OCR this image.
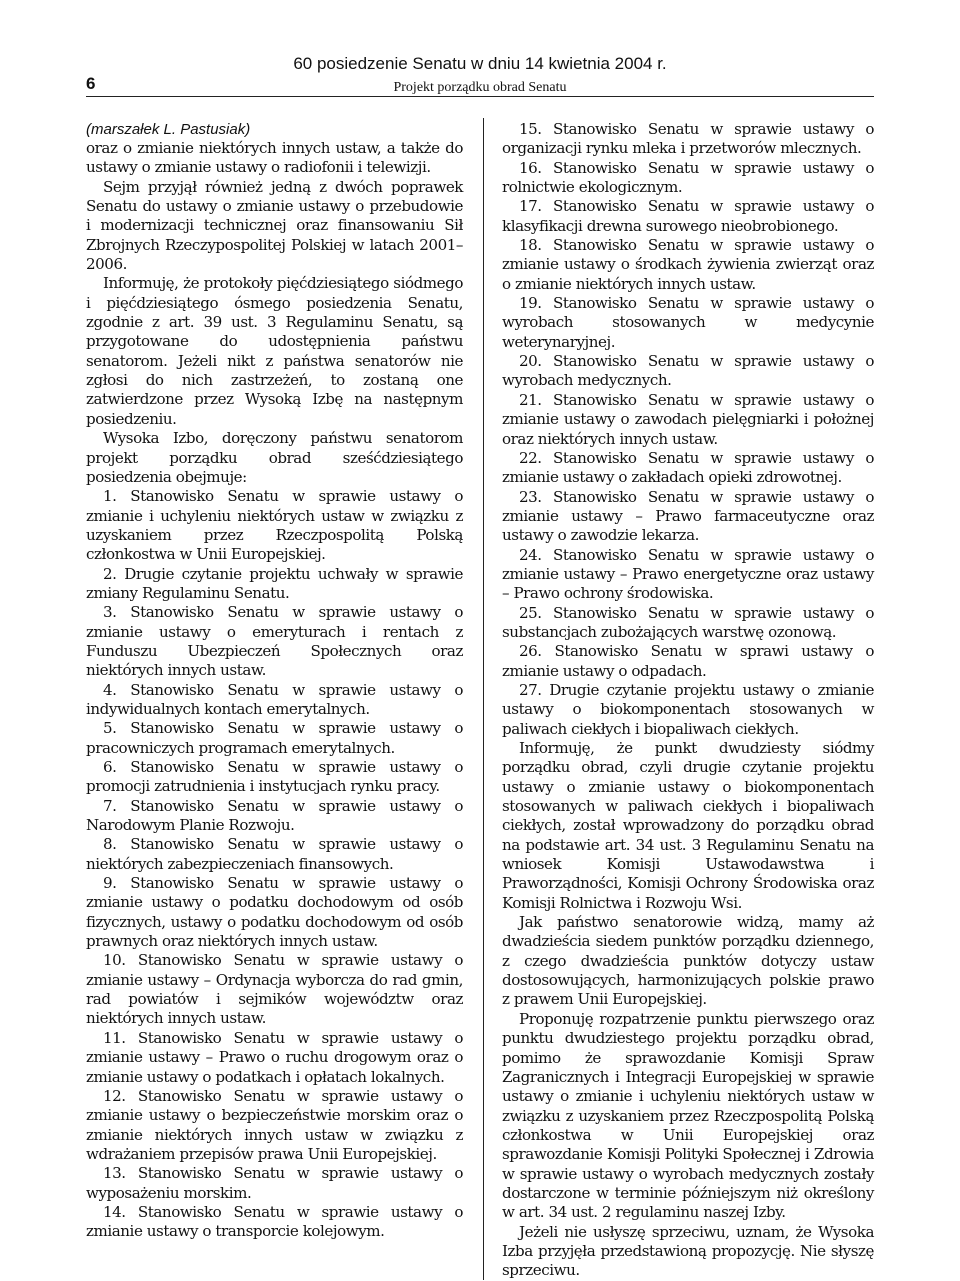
6
60 posiedzenie Senatu w dniu 14 kwietnia 2004 r.
Projekt porządku obrad Senatu

(marszałek L. Pastusiak)

oraz o zmianie niektórych innych ustaw, a także do ustawy o zmianie ustawy o radiofonii i telewizji.

Sejm przyjął również jedną z dwóch poprawek Senatu do ustawy o zmianie ustawy o przebudowie i modernizacji technicznej oraz finansowaniu Sił Zbrojnych Rzeczypospolitej Polskiej w latach 2001–2006.

Informuję, że protokoły pięćdziesiątego siódmego i pięćdziesiątego ósmego posiedzenia Senatu, zgodnie z art. 39 ust. 3 Regulaminu Senatu, są przygotowane do udostępnienia państwu senatorom. Jeżeli nikt z państwa senatorów nie zgłosi do nich zastrzeżeń, to zostaną one zatwierdzone przez Wysoką Izbę na następnym posiedzeniu.

Wysoka Izbo, doręczony państwu senatorom projekt porządku obrad sześćdziesiątego posiedzenia obejmuje:

1. Stanowisko Senatu w sprawie ustawy o zmianie i uchyleniu niektórych ustaw w związku z uzyskaniem przez Rzeczpospolitą Polską członkostwa w Unii Europejskiej.

2. Drugie czytanie projektu uchwały w sprawie zmiany Regulaminu Senatu.

3. Stanowisko Senatu w sprawie ustawy o zmianie ustawy o emeryturach i rentach z Funduszu Ubezpieczeń Społecznych oraz niektórych innych ustaw.

4. Stanowisko Senatu w sprawie ustawy o indywidualnych kontach emerytalnych.

5. Stanowisko Senatu w sprawie ustawy o pracowniczych programach emerytalnych.

6. Stanowisko Senatu w sprawie ustawy o promocji zatrudnienia i instytucjach rynku pracy.

7. Stanowisko Senatu w sprawie ustawy o Narodowym Planie Rozwoju.

8. Stanowisko Senatu w sprawie ustawy o niektórych zabezpieczeniach finansowych.

9. Stanowisko Senatu w sprawie ustawy o zmianie ustawy o podatku dochodowym od osób fizycznych, ustawy o podatku dochodowym od osób prawnych oraz niektórych innych ustaw.

10. Stanowisko Senatu w sprawie ustawy o zmianie ustawy – Ordynacja wyborcza do rad gmin, rad powiatów i sejmików województw oraz niektórych innych ustaw.

11. Stanowisko Senatu w sprawie ustawy o zmianie ustawy – Prawo o ruchu drogowym oraz o zmianie ustawy o podatkach i opłatach lokalnych.

12. Stanowisko Senatu w sprawie ustawy o zmianie ustawy o bezpieczeństwie morskim oraz o zmianie niektórych innych ustaw w związku z wdrażaniem przepisów prawa Unii Europejskiej.

13. Stanowisko Senatu w sprawie ustawy o wyposażeniu morskim.

14. Stanowisko Senatu w sprawie ustawy o zmianie ustawy o transporcie kolejowym.

15. Stanowisko Senatu w sprawie ustawy o organizacji rynku mleka i przetworów mlecznych.

16. Stanowisko Senatu w sprawie ustawy o rolnictwie ekologicznym.

17. Stanowisko Senatu w sprawie ustawy o klasyfikacji drewna surowego nieobrobionego.

18. Stanowisko Senatu w sprawie ustawy o zmianie ustawy o środkach żywienia zwierząt oraz o zmianie niektórych innych ustaw.

19. Stanowisko Senatu w sprawie ustawy o wyrobach stosowanych w medycynie weterynaryjnej.

20. Stanowisko Senatu w sprawie ustawy o wyrobach medycznych.

21. Stanowisko Senatu w sprawie ustawy o zmianie ustawy o zawodach pielęgniarki i położnej oraz niektórych innych ustaw.

22. Stanowisko Senatu w sprawie ustawy o zmianie ustawy o zakładach opieki zdrowotnej.

23. Stanowisko Senatu w sprawie ustawy o zmianie ustawy – Prawo farmaceutyczne oraz ustawy o zawodzie lekarza.

24. Stanowisko Senatu w sprawie ustawy o zmianie ustawy – Prawo energetyczne oraz ustawy – Prawo ochrony środowiska.

25. Stanowisko Senatu w sprawie ustawy o substancjach zubożających warstwę ozonową.

26. Stanowisko Senatu w sprawi ustawy o zmianie ustawy o odpadach.

27. Drugie czytanie projektu ustawy o zmianie ustawy o biokomponentach stosowanych w paliwach ciekłych i biopaliwach ciekłych.

Informuję, że punkt dwudziesty siódmy porządku obrad, czyli drugie czytanie projektu ustawy o zmianie ustawy o biokomponentach stosowanych w paliwach ciekłych i biopaliwach ciekłych, został wprowadzony do porządku obrad na podstawie art. 34 ust. 3 Regulaminu Senatu na wniosek Komisji Ustawodawstwa i Praworządności, Komisji Ochrony Środowiska oraz Komisji Rolnictwa i Rozwoju Wsi.

Jak państwo senatorowie widzą, mamy aż dwadzieścia siedem punktów porządku dziennego, z czego dwadzieścia punktów dotyczy ustaw dostosowujących, harmonizujących polskie prawo z prawem Unii Europejskiej.

Proponuję rozpatrzenie punktu pierwszego oraz punktu dwudziestego projektu porządku obrad, pomimo że sprawozdanie Komisji Spraw Zagranicznych i Integracji Europejskiej w sprawie ustawy o zmianie i uchyleniu niektórych ustaw w związku z uzyskaniem przez Rzeczpospolitą Polską członkostwa w Unii Europejskiej oraz sprawozdanie Komisji Polityki Społecznej i Zdrowia w sprawie ustawy o wyrobach medycznych zostały dostarczone w terminie późniejszym niż określony w art. 34 ust. 2 regulaminu naszej Izby.

Jeżeli nie usłyszę sprzeciwu, uznam, że Wysoka Izba przyjęła przedstawioną propozycję. Nie słyszę sprzeciwu.
